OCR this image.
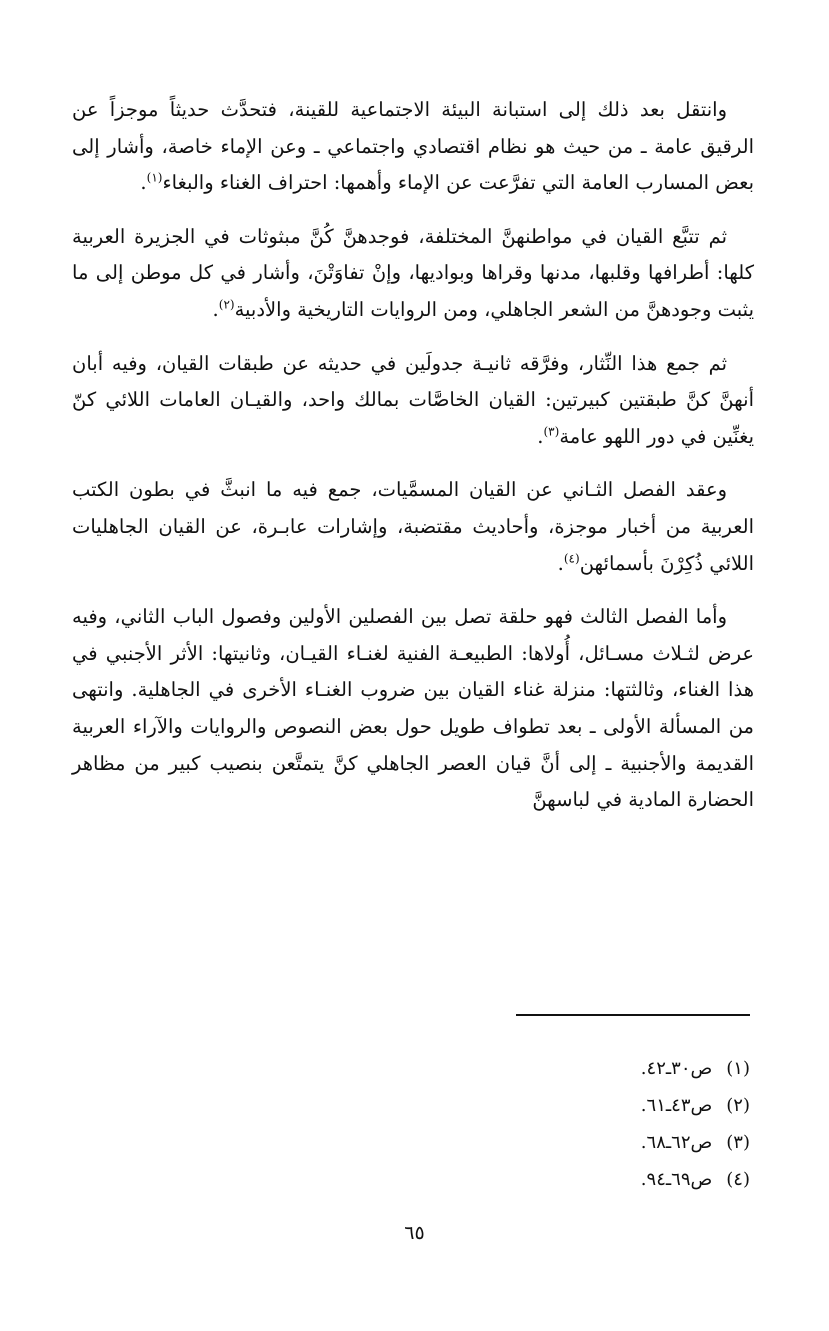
وانتقل بعد ذلك إلى استبانة البيئة الاجتماعية للقينة، فتحدَّث حديثاً موجزاً عن الرقيق عامة ـ من حيث هو نظام اقتصادي واجتماعي ـ وعن الإماء خاصة، وأشار إلى بعض المسارب العامة التي تفرَّعت عن الإماء وأهمها: احتراف الغناء والبغاء$^{(١)}$.

ثم تتبَّع القيان في مواطنهنَّ المختلفة، فوجدهنَّ كُنَّ مبثوثات في الجزيرة العربية كلها: أطرافها وقلبها، مدنها وقراها وبواديها، وإنْ تفاوَتْنَ، وأشار في كل موطن إلى ما يثبت وجودهنَّ من الشعر الجاهلي، ومن الروايات التاريخية والأدبية$^{(٢)}$.

ثم جمع هذا النِّثار، وفرَّقه ثانيـة جدولَين في حديثه عن طبقات القيان، وفيه أبان أنهنَّ كنَّ طبقتين كبيرتين: القيان الخاصَّات بمالك واحد، والقيـان العامات اللائي كنّ يغنِّين في دور اللهو عامة$^{(٣)}$.

وعقد الفصل الثـاني عن القيان المسمَّيات، جمع فيه ما انبثَّ في بطون الكتب العربية من أخبار موجزة، وأحاديث مقتضبة، وإشارات عابـرة، عن القيان الجاهليات اللائي ذُكِرْنَ بأسمائهن$^{(٤)}$.

وأما الفصل الثالث فهو حلقة تصل بين الفصلين الأولين وفصول الباب الثاني، وفيه عرض لثـلاث مسـائل، أُولاها: الطبيعـة الفنية لغنـاء القيـان، وثانيتها: الأثر الأجنبي في هذا الغناء، وثالثتها: منزلة غناء القيان بين ضروب الغنـاء الأخرى في الجاهلية. وانتهى من المسألة الأولى ـ بعد تطواف طويل حول بعض النصوص والروايات والآراء العربية القديمة والأجنبية ـ إلى أنَّ قيان العصر الجاهلي كنَّ يتمتَّعن بنصيب كبير من مظاهر الحضارة المادية في لباسهنَّ

(١)ص٣٠ـ٤٢.
(٢)ص٤٣ـ٦١.
(٣)ص٦٢ـ٦٨.
(٤)ص٦٩ـ٩٤.
٦٥
